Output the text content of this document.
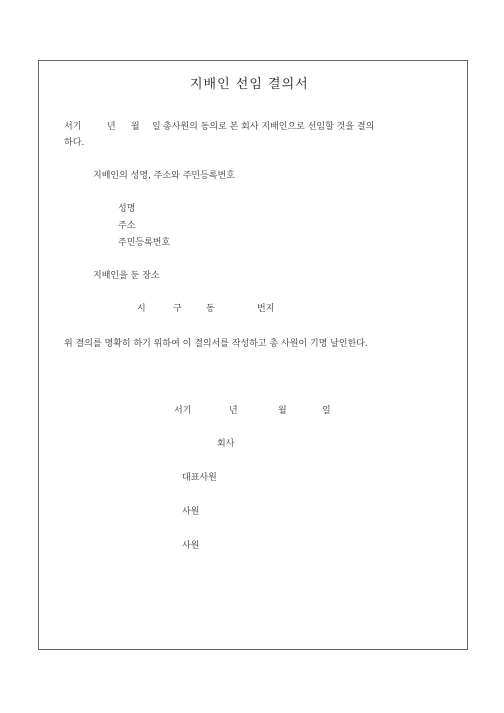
지배인 선임 결의서
서기	년 월 일 총사원의 동의로 본 회사 지배인으로 선임할 것을 결의
하다.
지배인의 성명, 주소와 주민등록번호
성명
주소
주민등록번호
지배인을 둔 장소
시	구	동	번지
위 결의를 명확히 하기 위하여 이 결의서를 작성하고 총 사원이 기명 날인한다.
서기	년	월	일
회사
대표사원
사원
사원
